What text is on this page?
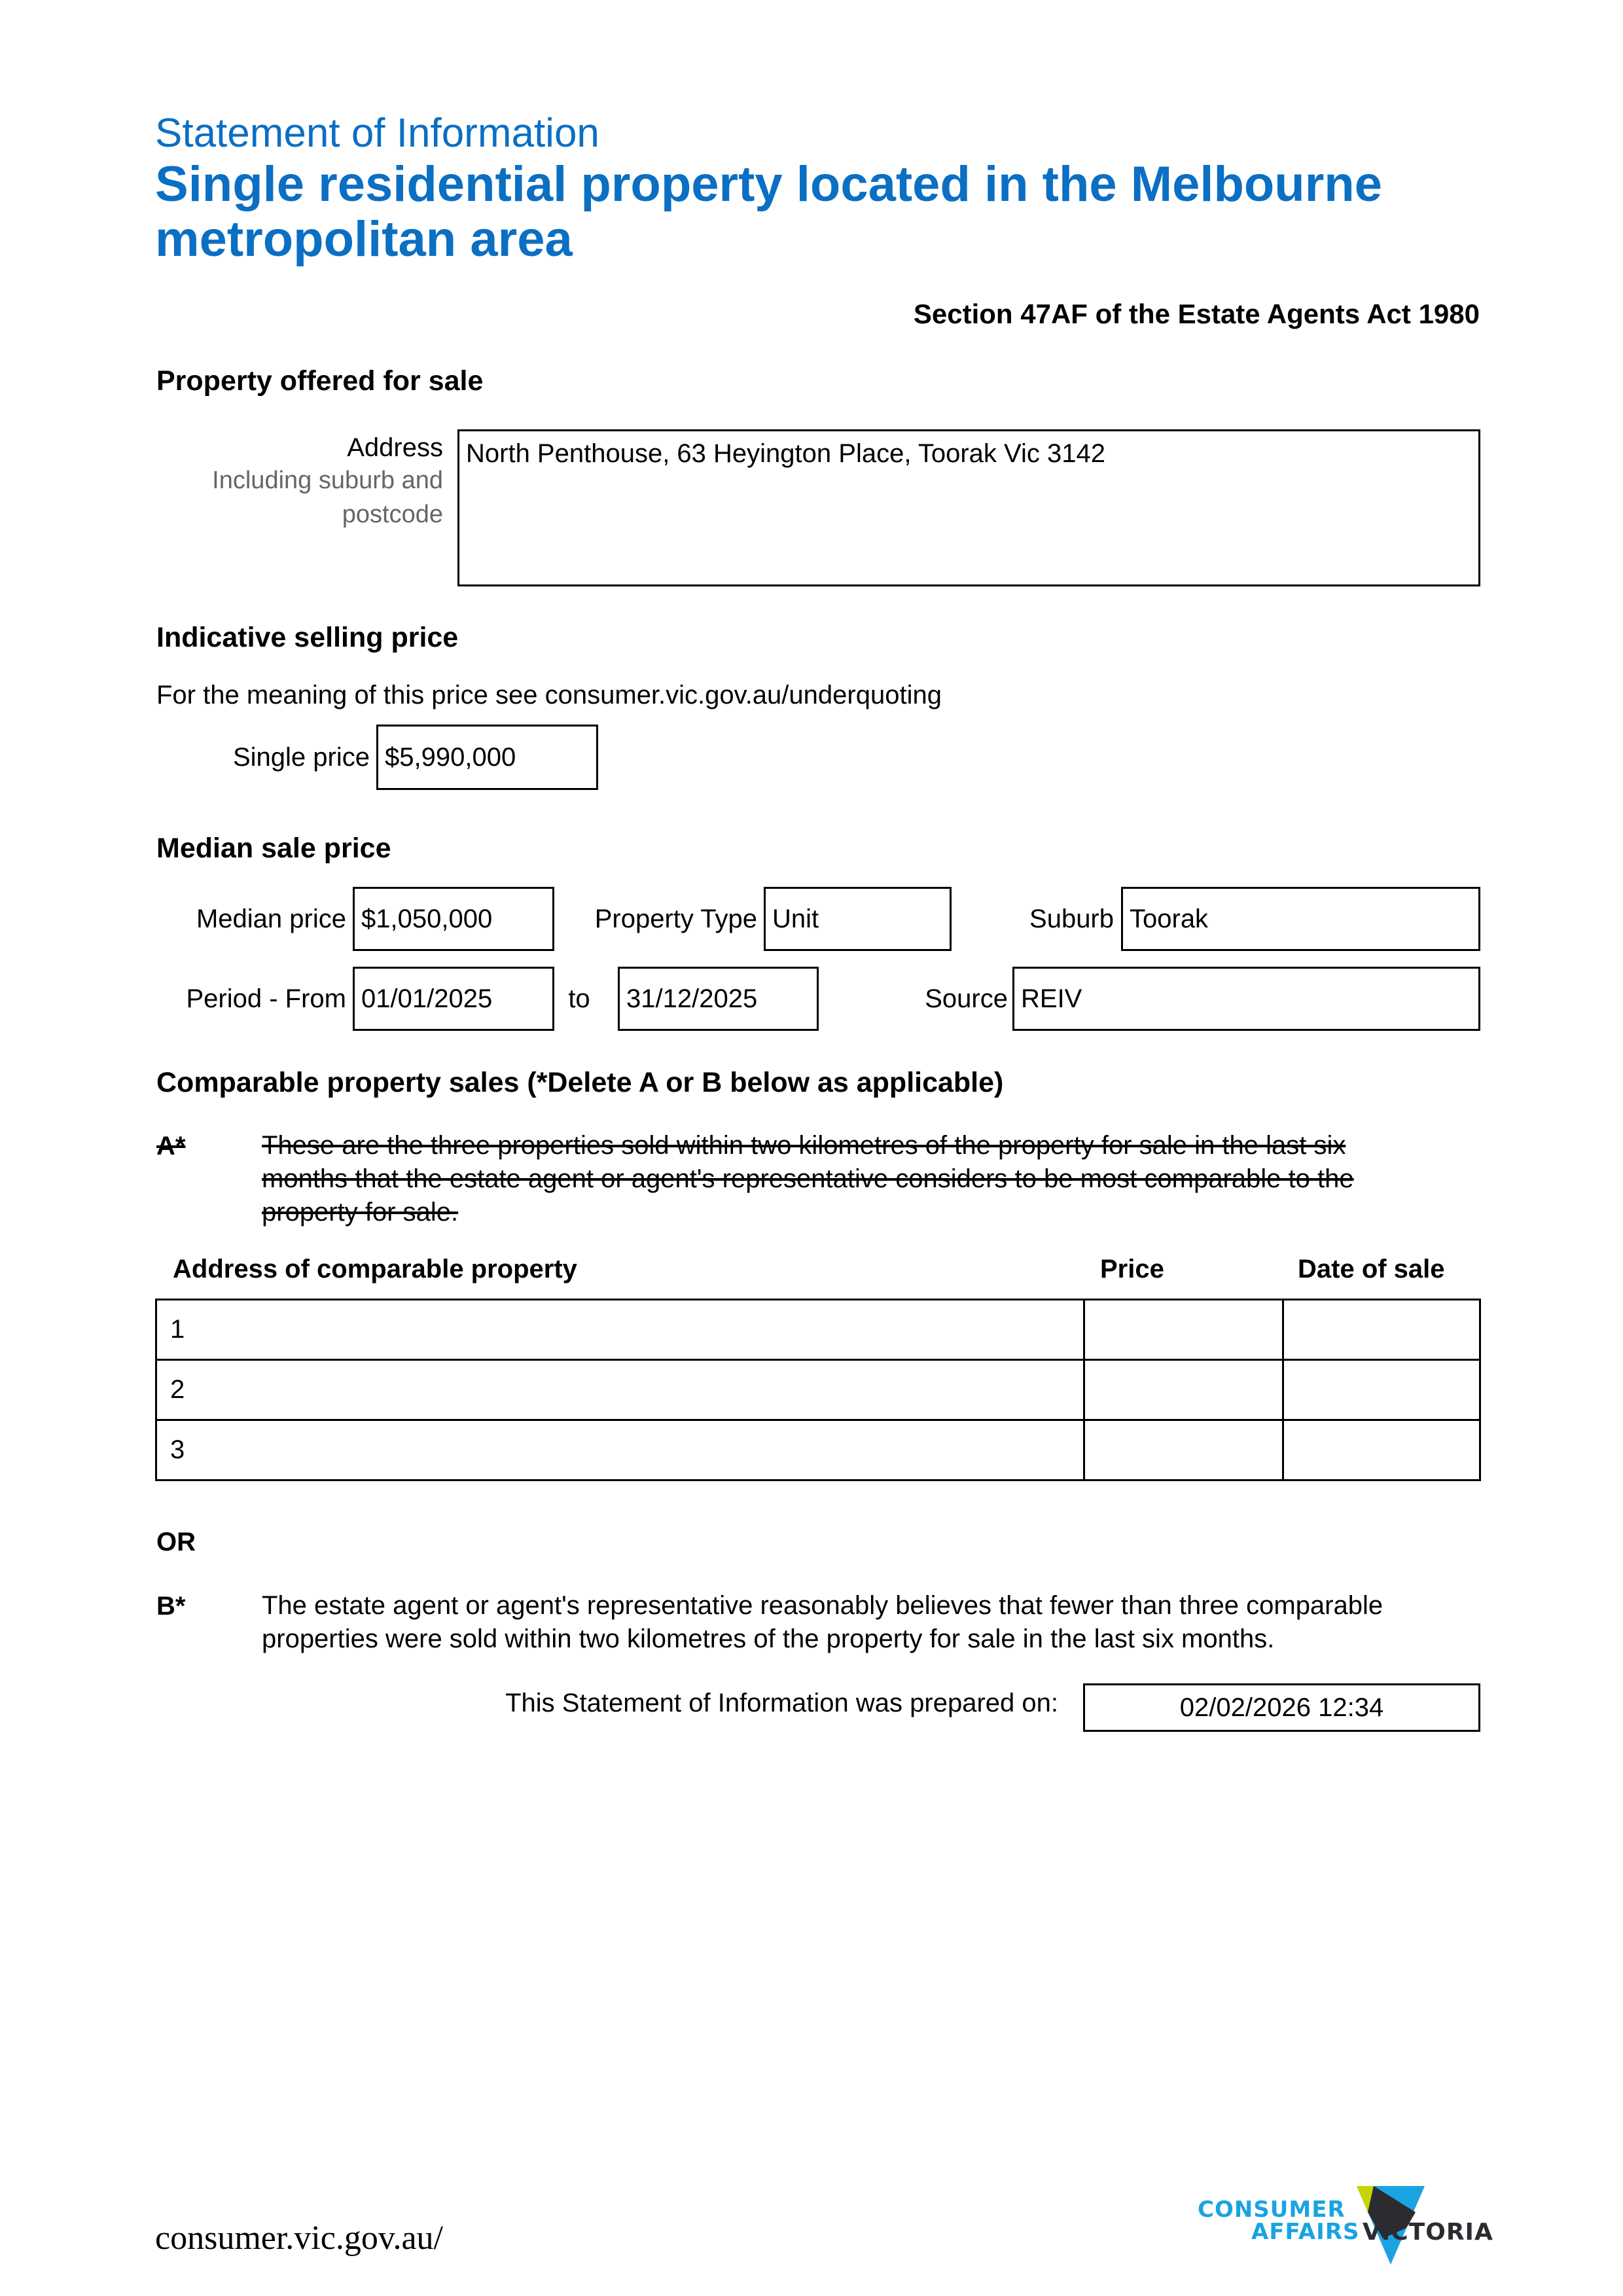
Statement of Information
Single residential property located in the Melbourne metropolitan area
Section 47AF of the Estate Agents Act 1980
Property offered for sale
Address
Including suburb and
postcode
North Penthouse, 63 Heyington Place, Toorak Vic 3142
Indicative selling price
For the meaning of this price see consumer.vic.gov.au/underquoting
Single price $5,990,000
Median sale price
Median price $1,050,000	Property Type Unit	Suburb Toorak
Period - From 01/01/2025	to 31/12/2025	Source REIV
Comparable property sales (*Delete A or B below as applicable)
A*	These are the three properties sold within two kilometres of the property for sale in the last six
months that the estate agent or agent's representative considers to be most comparable to the
property for sale.
Address of comparable property	Price	Date of sale
1		
2		
3		
OR
B*	The estate agent or agent's representative reasonably believes that fewer than three comparable
properties were sold within two kilometres of the property for sale in the last six months.
This Statement of Information was prepared on:	02/02/2026 12:34
consumer.vic.gov.au/
CONSUMER
AFFAIRS VICTORIA
